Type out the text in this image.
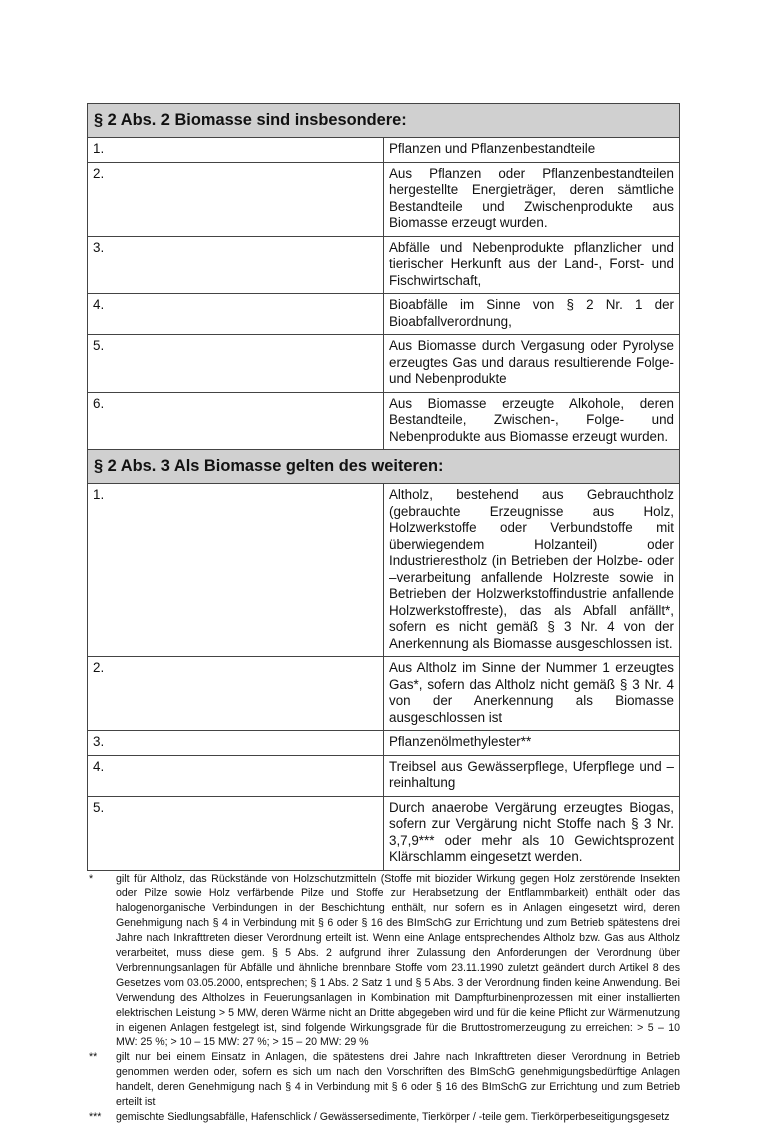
§ 2 Abs. 2 Biomasse sind insbesondere:	
1.	Pflanzen und Pflanzenbestandteile
2.	Aus Pflanzen oder Pflanzenbestandteilen hergestellte Energieträger, deren sämtliche Bestandteile und Zwischenprodukte aus Biomasse erzeugt wurden.
3.	Abfälle und Nebenprodukte pflanzlicher und tierischer Herkunft aus der Land-, Forst- und Fischwirtschaft,
4.	Bioabfälle im Sinne von § 2 Nr. 1 der Bioabfallverordnung,
5.	Aus Biomasse durch Vergasung oder Pyrolyse erzeugtes Gas und daraus resultierende Folge- und Nebenprodukte
6.	Aus Biomasse erzeugte Alkohole, deren Bestandteile, Zwischen-, Folge- und Nebenprodukte aus Biomasse erzeugt wurden.
§ 2 Abs. 3 Als Biomasse gelten des weiteren:	
1.	Altholz, bestehend aus Gebrauchtholz (gebrauchte Erzeugnisse aus Holz, Holzwerkstoffe oder Verbundstoffe mit überwiegendem Holzanteil) oder Industrierestholz (in Betrieben der Holzbe- oder –verarbeitung anfallende Holzreste sowie in Betrieben der Holzwerkstoffindustrie anfallende Holzwerkstoffreste), das als Abfall anfällt*, sofern es nicht gemäß § 3 Nr. 4 von der Anerkennung als Biomasse ausgeschlossen ist.
2.	Aus Altholz im Sinne der Nummer 1 erzeugtes Gas*, sofern das Altholz nicht gemäß § 3 Nr. 4 von der Anerkennung als Biomasse ausgeschlossen ist
3.	Pflanzenölmethylester**
4.	Treibsel aus Gewässerpflege, Uferpflege und –reinhaltung
5.	Durch anaerobe Vergärung erzeugtes Biogas, sofern zur Vergärung nicht Stoffe nach § 3 Nr. 3,7,9*** oder mehr als 10 Gewichtsprozent Klärschlamm eingesetzt werden.
*	gilt für Altholz, das Rückstände von Holzschutzmitteln (Stoffe mit biozider Wirkung gegen Holz zerstörende Insekten oder Pilze sowie Holz verfärbende Pilze und Stoffe zur Herabsetzung der Entflammbarkeit) enthält oder das halogenorganische Verbindungen in der Beschichtung enthält, nur sofern es in Anlagen eingesetzt wird, deren Genehmigung nach § 4 in Verbindung mit § 6 oder § 16 des BImSchG zur Errichtung und zum Betrieb spätestens drei Jahre nach Inkrafttreten dieser Verordnung erteilt ist. Wenn eine Anlage entsprechendes Altholz bzw. Gas aus Altholz verarbeitet, muss diese gem. § 5 Abs. 2 aufgrund ihrer Zulassung den Anforderungen der Verordnung über Verbrennungsanlagen für Abfälle und ähnliche brennbare Stoffe vom 23.11.1990 zuletzt geändert durch Artikel 8 des Gesetzes vom 03.05.2000, entsprechen; § 1 Abs. 2 Satz 1 und § 5 Abs. 3 der Verordnung finden keine Anwendung. Bei Verwendung des Altholzes in Feuerungsanlagen in Kombination mit Dampfturbinenprozessen mit einer installierten elektrischen Leistung > 5 MW, deren Wärme nicht an Dritte abgegeben wird und für die keine Pflicht zur Wärmenutzung in eigenen Anlagen festgelegt ist, sind folgende Wirkungsgrade für die Bruttostromerzeugung zu erreichen: > 5 – 10 MW: 25 %; > 10 – 15 MW: 27 %; > 15 – 20 MW: 29 %
**	gilt nur bei einem Einsatz in Anlagen, die spätestens drei Jahre nach Inkrafttreten dieser Verordnung in Betrieb genommen werden oder, sofern es sich um nach den Vorschriften des BImSchG genehmigungsbedürftige Anlagen handelt, deren Genehmigung nach § 4 in Verbindung mit § 6 oder § 16 des BImSchG zur Errichtung und zum Betrieb erteilt ist
***	gemischte Siedlungsabfälle, Hafenschlick / Gewässersedimente, Tierkörper / -teile gem. Tierkörperbeseitigungsgesetz
